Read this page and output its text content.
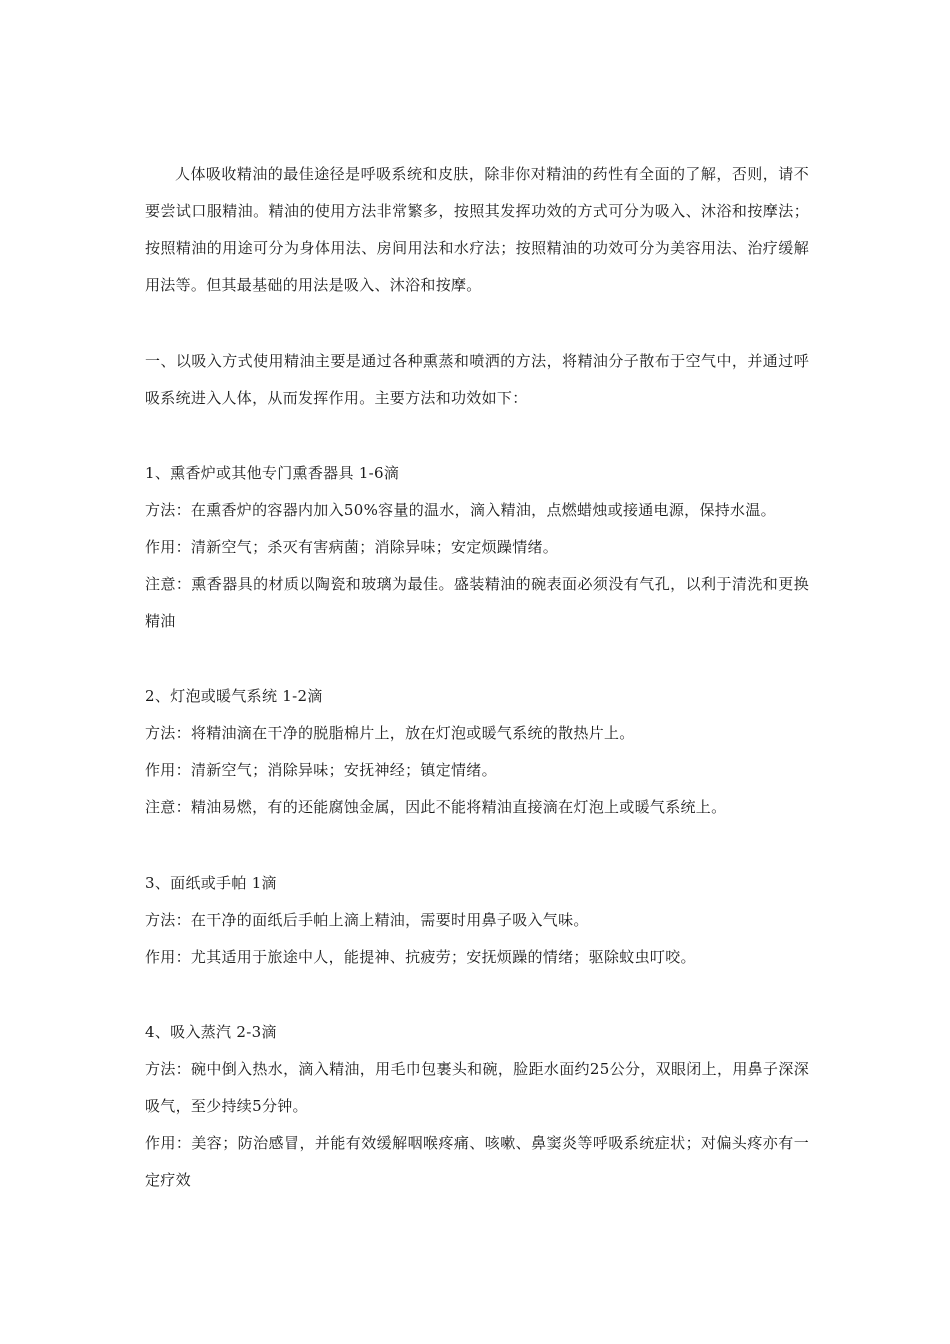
人体吸收精油的最佳途径是呼吸系统和皮肤，除非你对精油的药性有全面的了解，否则，请不要尝试口服精油。精油的使用方法非常繁多，按照其发挥功效的方式可分为吸入、沐浴和按摩法；按照精油的用途可分为身体用法、房间用法和水疗法；按照精油的功效可分为美容用法、治疗缓解用法等。但其最基础的用法是吸入、沐浴和按摩。

一、以吸入方式使用精油主要是通过各种熏蒸和喷洒的方法，将精油分子散布于空气中，并通过呼吸系统进入人体，从而发挥作用。主要方法和功效如下：

1、熏香炉或其他专门熏香器具 1-6滴

方法：在熏香炉的容器内加入50%容量的温水，滴入精油，点燃蜡烛或接通电源，保持水温。

作用：清新空气；杀灭有害病菌；消除异味；安定烦躁情绪。

注意：熏香器具的材质以陶瓷和玻璃为最佳。盛装精油的碗表面必须没有气孔，以利于清洗和更换精油

2、灯泡或暖气系统 1-2滴

方法：将精油滴在干净的脱脂棉片上，放在灯泡或暖气系统的散热片上。

作用：清新空气；消除异味；安抚神经；镇定情绪。

注意：精油易燃，有的还能腐蚀金属，因此不能将精油直接滴在灯泡上或暖气系统上。

3、面纸或手帕 1滴

方法：在干净的面纸后手帕上滴上精油，需要时用鼻子吸入气味。

作用：尤其适用于旅途中人，能提神、抗疲劳；安抚烦躁的情绪；驱除蚊虫叮咬。

4、吸入蒸汽 2-3滴

方法：碗中倒入热水，滴入精油，用毛巾包裹头和碗，脸距水面约25公分，双眼闭上，用鼻子深深吸气，至少持续5分钟。

作用：美容；防治感冒，并能有效缓解咽喉疼痛、咳嗽、鼻窦炎等呼吸系统症状；对偏头疼亦有一定疗效
